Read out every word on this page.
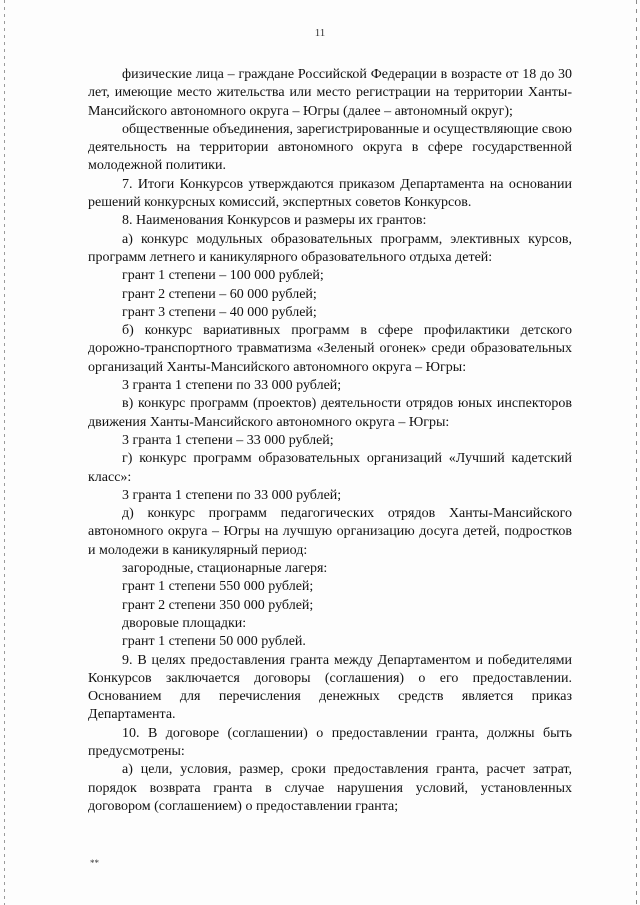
11

физические лица – граждане Российской Федерации в возрасте от 18 до 30 лет, имеющие место жительства или место регистрации на территории Ханты-Мансийского автономного округа – Югры (далее – автономный округ);

общественные объединения, зарегистрированные и осуществляющие свою деятельность на территории автономного округа в сфере государственной молодежной политики.

7. Итоги Конкурсов утверждаются приказом Департамента на основании решений конкурсных комиссий, экспертных советов Конкурсов.

8. Наименования Конкурсов и размеры их грантов:

а) конкурс модульных образовательных программ, элективных курсов, программ летнего и каникулярного образовательного отдыха детей:

грант 1 степени – 100 000 рублей;

грант 2 степени – 60 000 рублей;

грант 3 степени – 40 000 рублей;

б) конкурс вариативных программ в сфере профилактики детского дорожно-транспортного травматизма «Зеленый огонек» среди образовательных организаций Ханты-Мансийского автономного округа – Югры:

3 гранта 1 степени по 33 000 рублей;

в) конкурс программ (проектов) деятельности отрядов юных инспекторов движения Ханты-Мансийского автономного округа – Югры:

3 гранта 1 степени – 33 000 рублей;

г) конкурс программ образовательных организаций «Лучший кадетский класс»:

3 гранта 1 степени по 33 000 рублей;

д) конкурс программ педагогических отрядов Ханты-Мансийского автономного округа – Югры на лучшую организацию досуга детей, подростков и молодежи в каникулярный период:

загородные, стационарные лагеря:

грант 1 степени 550 000 рублей;

грант 2 степени 350 000 рублей;

дворовые площадки:

грант 1 степени 50 000 рублей.

9. В целях предоставления гранта между Департаментом и победителями Конкурсов заключается договоры (соглашения) о его предоставлении. Основанием для перечисления денежных средств является приказ Департамента.

10. В договоре (соглашении) о предоставлении гранта, должны быть предусмотрены:

а) цели, условия, размер, сроки предоставления гранта, расчет затрат, порядок возврата гранта в случае нарушения условий, установленных договором (соглашением) о предоставлении гранта;

**
